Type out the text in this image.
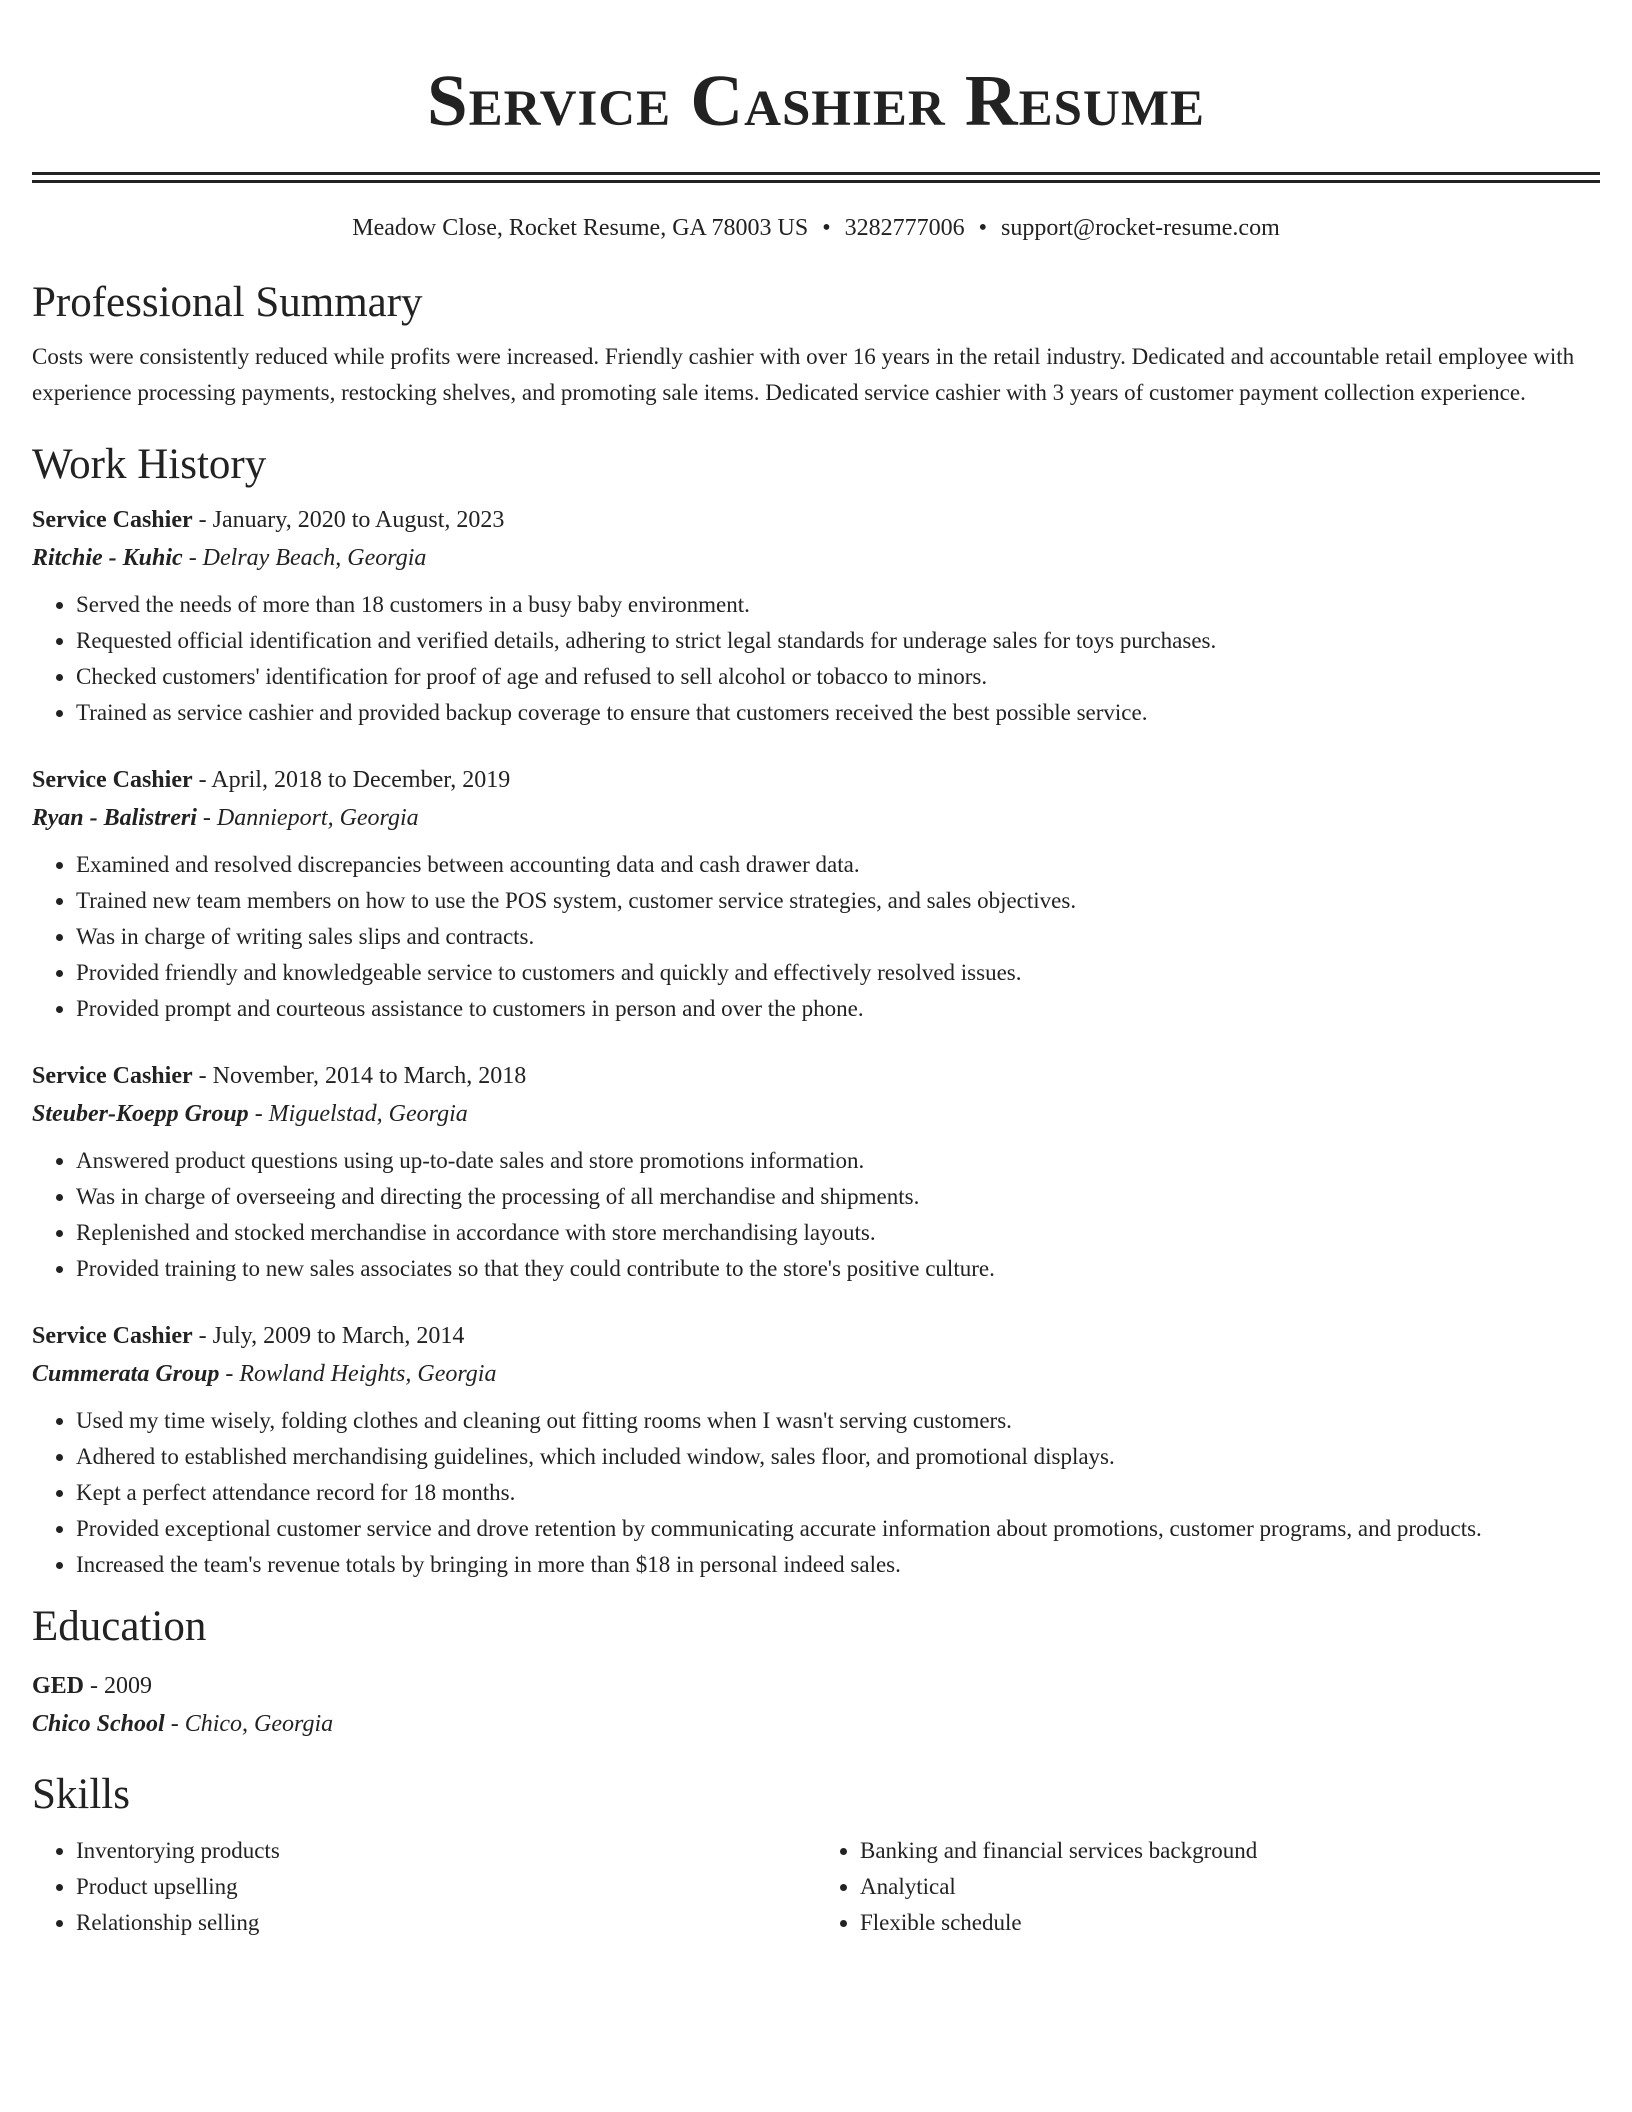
Service Cashier Resume
Meadow Close, Rocket Resume, GA 78003 US • 3282777006 • support@rocket-resume.com
Professional Summary
Costs were consistently reduced while profits were increased. Friendly cashier with over 16 years in the retail industry. Dedicated and accountable retail employee with experience processing payments, restocking shelves, and promoting sale items. Dedicated service cashier with 3 years of customer payment collection experience.
Work History
Service Cashier - January, 2020 to August, 2023
Ritchie - Kuhic - Delray Beach, Georgia
• Served the needs of more than 18 customers in a busy baby environment.
• Requested official identification and verified details, adhering to strict legal standards for underage sales for toys purchases.
• Checked customers' identification for proof of age and refused to sell alcohol or tobacco to minors.
• Trained as service cashier and provided backup coverage to ensure that customers received the best possible service.
Service Cashier - April, 2018 to December, 2019
Ryan - Balistreri - Dannieport, Georgia
• Examined and resolved discrepancies between accounting data and cash drawer data.
• Trained new team members on how to use the POS system, customer service strategies, and sales objectives.
• Was in charge of writing sales slips and contracts.
• Provided friendly and knowledgeable service to customers and quickly and effectively resolved issues.
• Provided prompt and courteous assistance to customers in person and over the phone.
Service Cashier - November, 2014 to March, 2018
Steuber-Koepp Group - Miguelstad, Georgia
• Answered product questions using up-to-date sales and store promotions information.
• Was in charge of overseeing and directing the processing of all merchandise and shipments.
• Replenished and stocked merchandise in accordance with store merchandising layouts.
• Provided training to new sales associates so that they could contribute to the store's positive culture.
Service Cashier - July, 2009 to March, 2014
Cummerata Group - Rowland Heights, Georgia
• Used my time wisely, folding clothes and cleaning out fitting rooms when I wasn't serving customers.
• Adhered to established merchandising guidelines, which included window, sales floor, and promotional displays.
• Kept a perfect attendance record for 18 months.
• Provided exceptional customer service and drove retention by communicating accurate information about promotions, customer programs, and products.
• Increased the team's revenue totals by bringing in more than $18 in personal indeed sales.
Education
GED - 2009
Chico School - Chico, Georgia
Skills
• Inventorying products
• Product upselling
• Relationship selling
• Banking and financial services background
• Analytical
• Flexible schedule
